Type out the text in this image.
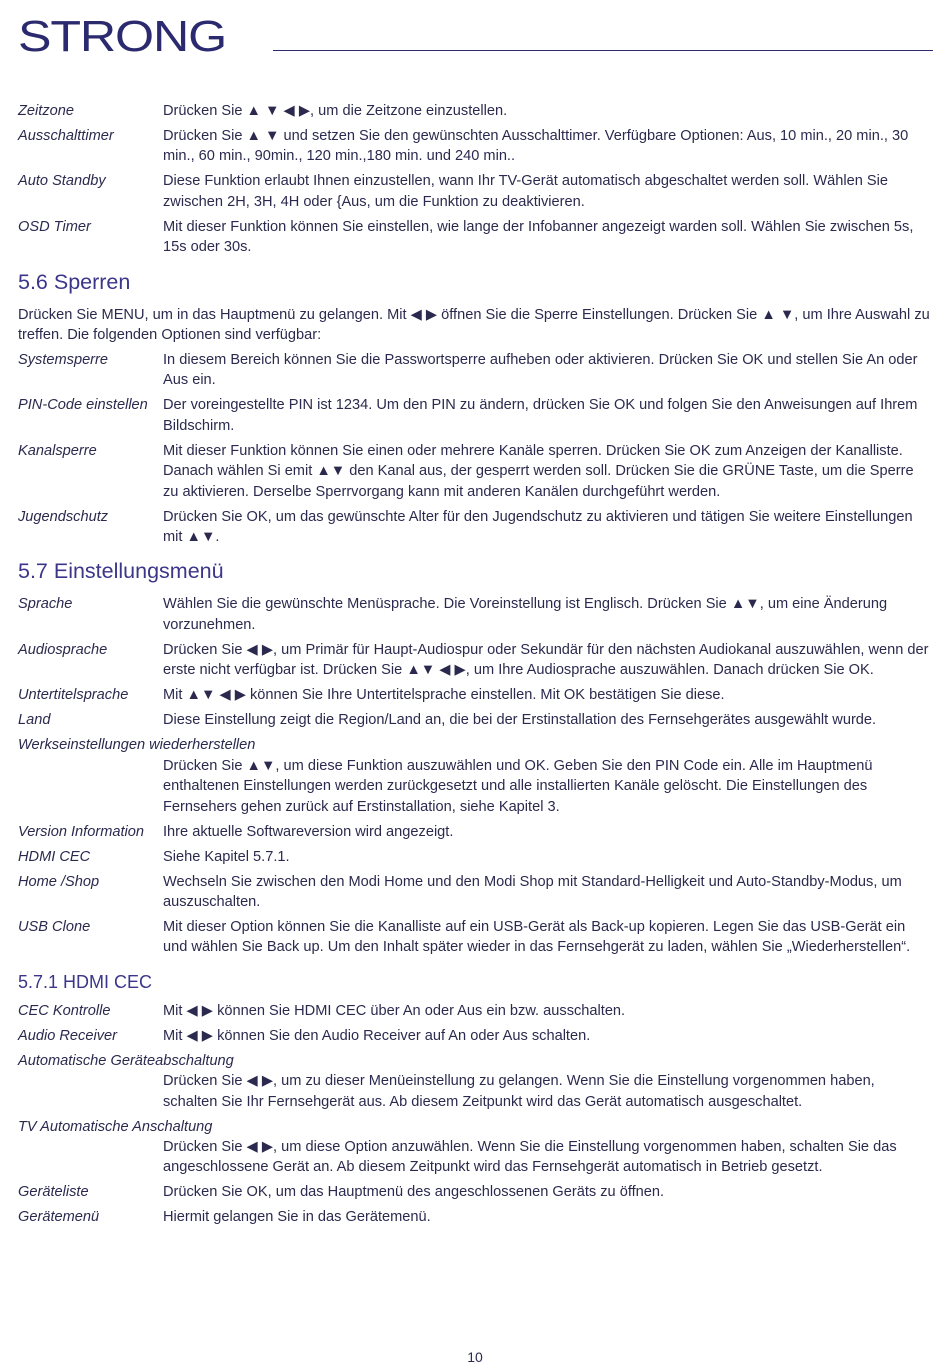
STRONG
Zeitzone	Drücken Sie ▲ ▼ ◀ ▶, um die Zeitzone einzustellen.
Ausschalttimer	Drücken Sie ▲ ▼ und setzen Sie den gewünschten Ausschalttimer. Verfügbare Optionen: Aus, 10 min., 20 min., 30 min., 60 min., 90min., 120 min.,180 min. und 240 min..
Auto Standby	Diese Funktion erlaubt Ihnen einzustellen, wann Ihr TV-Gerät automatisch abgeschaltet werden soll. Wählen Sie zwischen 2H, 3H, 4H oder {Aus, um die Funktion zu deaktivieren.
OSD Timer	Mit dieser Funktion können Sie einstellen, wie lange der Infobanner angezeigt warden soll. Wählen Sie zwischen 5s, 15s oder 30s.
5.6 Sperren
Drücken Sie MENU, um in das Hauptmenü zu gelangen. Mit ◀ ▶ öffnen Sie die Sperre Einstellungen. Drücken Sie ▲ ▼, um Ihre Auswahl zu treffen. Die folgenden Optionen sind verfügbar:
Systemsperre	In diesem Bereich können Sie die Passwortsperre aufheben oder aktivieren. Drücken Sie OK und stellen Sie An oder Aus ein.
PIN-Code einstellen	Der voreingestellte PIN ist 1234. Um den PIN zu ändern, drücken Sie OK und folgen Sie den Anweisungen auf Ihrem Bildschirm.
Kanalsperre	Mit dieser Funktion können Sie einen oder mehrere Kanäle sperren. Drücken Sie OK zum Anzeigen der Kanalliste. Danach wählen Si emit ▲▼ den Kanal aus, der gesperrt werden soll. Drücken Sie die GRÜNE Taste, um die Sperre zu aktivieren. Derselbe Sperrvorgang kann mit anderen Kanälen durchgeführt werden.
Jugendschutz	Drücken Sie OK, um das gewünschte Alter für den Jugendschutz zu aktivieren und tätigen Sie weitere Einstellungen mit ▲▼.
5.7 Einstellungsmenü
Sprache	Wählen Sie die gewünschte Menüsprache. Die Voreinstellung ist Englisch. Drücken Sie ▲▼, um eine Änderung vorzunehmen.
Audiosprache	Drücken Sie ◀ ▶, um Primär für Haupt-Audiospur oder Sekundär für den nächsten Audiokanal auszuwählen, wenn der erste nicht verfügbar ist. Drücken Sie ▲▼ ◀ ▶, um Ihre Audiosprache auszuwählen. Danach drücken Sie OK.
Untertitelsprache	Mit ▲▼ ◀ ▶ können Sie Ihre Untertitelsprache einstellen. Mit OK bestätigen Sie diese.
Land	Diese Einstellung zeigt die Region/Land an, die bei der Erstinstallation des Fernsehgerätes ausgewählt wurde.
Werkseinstellungen wiederherstellen
Drücken Sie ▲▼, um diese Funktion auszuwählen und OK. Geben Sie den PIN Code ein. Alle im Hauptmenü enthaltenen Einstellungen werden zurückgesetzt und alle installierten Kanäle gelöscht. Die Einstellungen des Fernsehers gehen zurück auf Erstinstallation, siehe Kapitel 3.
Version Information	Ihre aktuelle Softwareversion wird angezeigt.
HDMI CEC	Siehe Kapitel 5.7.1.
Home /Shop	Wechseln Sie zwischen den Modi Home und den Modi Shop mit Standard-Helligkeit und Auto-Standby-Modus, um auszuschalten.
USB Clone	Mit dieser Option können Sie die Kanalliste auf ein USB-Gerät als Back-up kopieren. Legen Sie das USB-Gerät ein und wählen Sie Back up. Um den Inhalt später wieder in das Fernsehgerät zu laden, wählen Sie „Wiederherstellen“.
5.7.1 HDMI CEC
CEC Kontrolle	Mit ◀ ▶ können Sie HDMI CEC über An oder Aus ein bzw. ausschalten.
Audio Receiver	Mit ◀ ▶ können Sie den Audio Receiver auf An oder Aus schalten.
Automatische Geräteabschaltung
Drücken Sie ◀ ▶, um zu dieser Menüeinstellung zu gelangen. Wenn Sie die Einstellung vorgenommen haben, schalten Sie Ihr Fernsehgerät aus. Ab diesem Zeitpunkt wird das Gerät automatisch ausgeschaltet.
TV Automatische Anschaltung
Drücken Sie ◀ ▶, um diese Option anzuwählen. Wenn Sie die Einstellung vorgenommen haben, schalten Sie das angeschlossene Gerät an. Ab diesem Zeitpunkt wird das Fernsehgerät automatisch in Betrieb gesetzt.
Geräteliste	Drücken Sie OK, um das Hauptmenü des angeschlossenen Geräts zu öffnen.
Gerätemenü	Hiermit gelangen Sie in das Gerätemenü.
10
